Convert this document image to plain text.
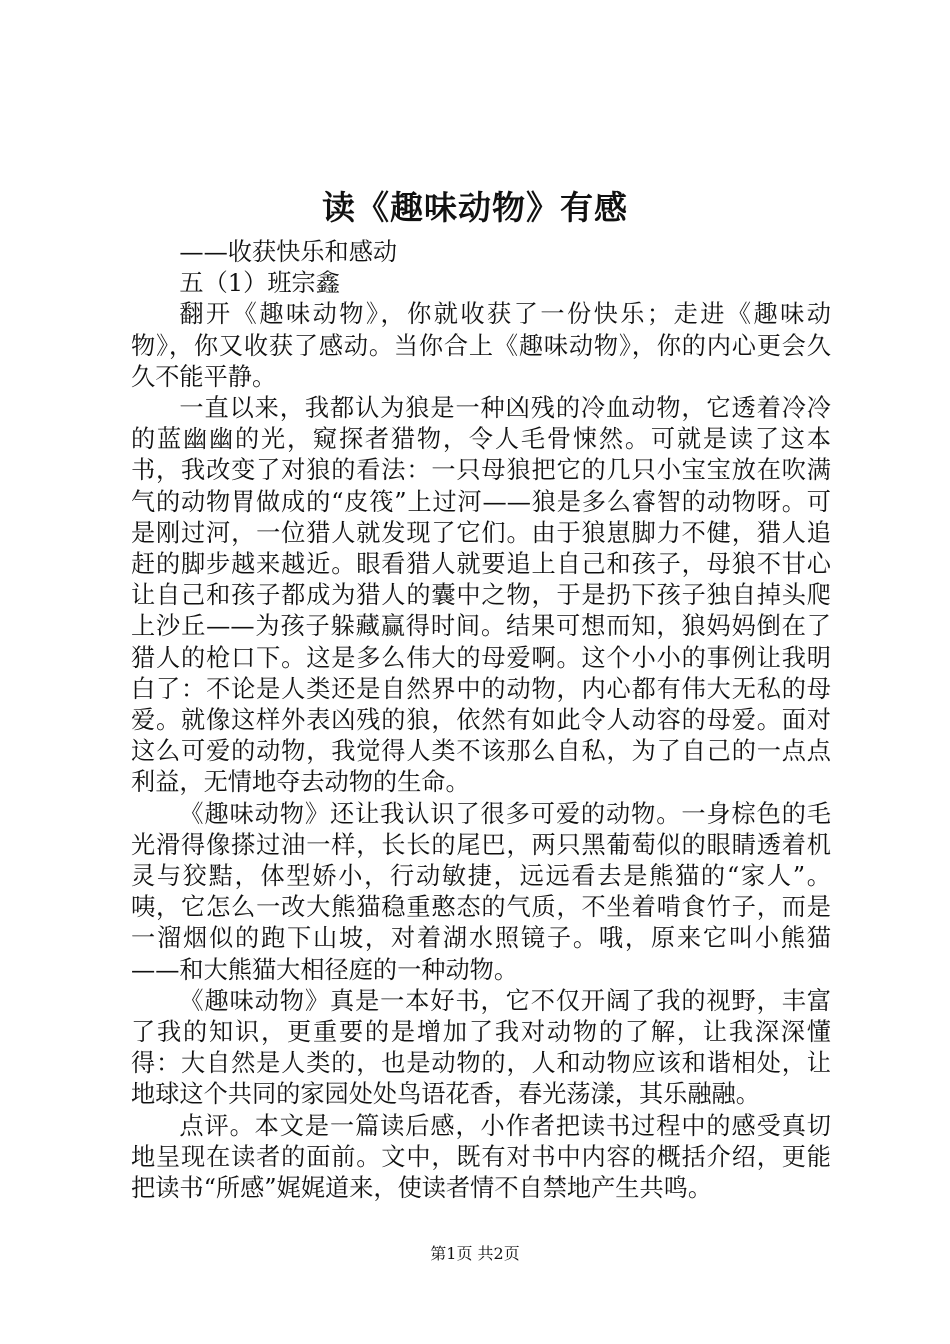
读《趣味动物》有感

——收获快乐和感动

五（1）班宗鑫

翻开《趣味动物》，你就收获了一份快乐；走进《趣味动物》，你又收获了感动。当你合上《趣味动物》，你的内心更会久久不能平静。

一直以来，我都认为狼是一种凶残的冷血动物，它透着冷冷的蓝幽幽的光，窥探者猎物，令人毛骨悚然。可就是读了这本书，我改变了对狼的看法：一只母狼把它的几只小宝宝放在吹满气的动物胃做成的“皮筏”上过河——狼是多么睿智的动物呀。可是刚过河，一位猎人就发现了它们。由于狼崽脚力不健，猎人追赶的脚步越来越近。眼看猎人就要追上自己和孩子，母狼不甘心让自己和孩子都成为猎人的囊中之物，于是扔下孩子独自掉头爬上沙丘——为孩子躲藏赢得时间。结果可想而知，狼妈妈倒在了猎人的枪口下。这是多么伟大的母爱啊。这个小小的事例让我明白了：不论是人类还是自然界中的动物，内心都有伟大无私的母爱。就像这样外表凶残的狼，依然有如此令人动容的母爱。面对这么可爱的动物，我觉得人类不该那么自私，为了自己的一点点利益，无情地夺去动物的生命。

《趣味动物》还让我认识了很多可爱的动物。一身棕色的毛光滑得像搽过油一样，长长的尾巴，两只黑葡萄似的眼睛透着机灵与狡黠，体型娇小，行动敏捷，远远看去是熊猫的“家人”。咦，它怎么一改大熊猫稳重憨态的气质，不坐着啃食竹子，而是一溜烟似的跑下山坡，对着湖水照镜子。哦，原来它叫小熊猫——和大熊猫大相径庭的一种动物。

《趣味动物》真是一本好书，它不仅开阔了我的视野，丰富了我的知识，更重要的是增加了我对动物的了解，让我深深懂得：大自然是人类的，也是动物的，人和动物应该和谐相处，让地球这个共同的家园处处鸟语花香，春光荡漾，其乐融融。

点评。本文是一篇读后感，小作者把读书过程中的感受真切地呈现在读者的面前。文中，既有对书中内容的概括介绍，更能把读书“所感”娓娓道来，使读者情不自禁地产生共鸣。

第1页 共2页
